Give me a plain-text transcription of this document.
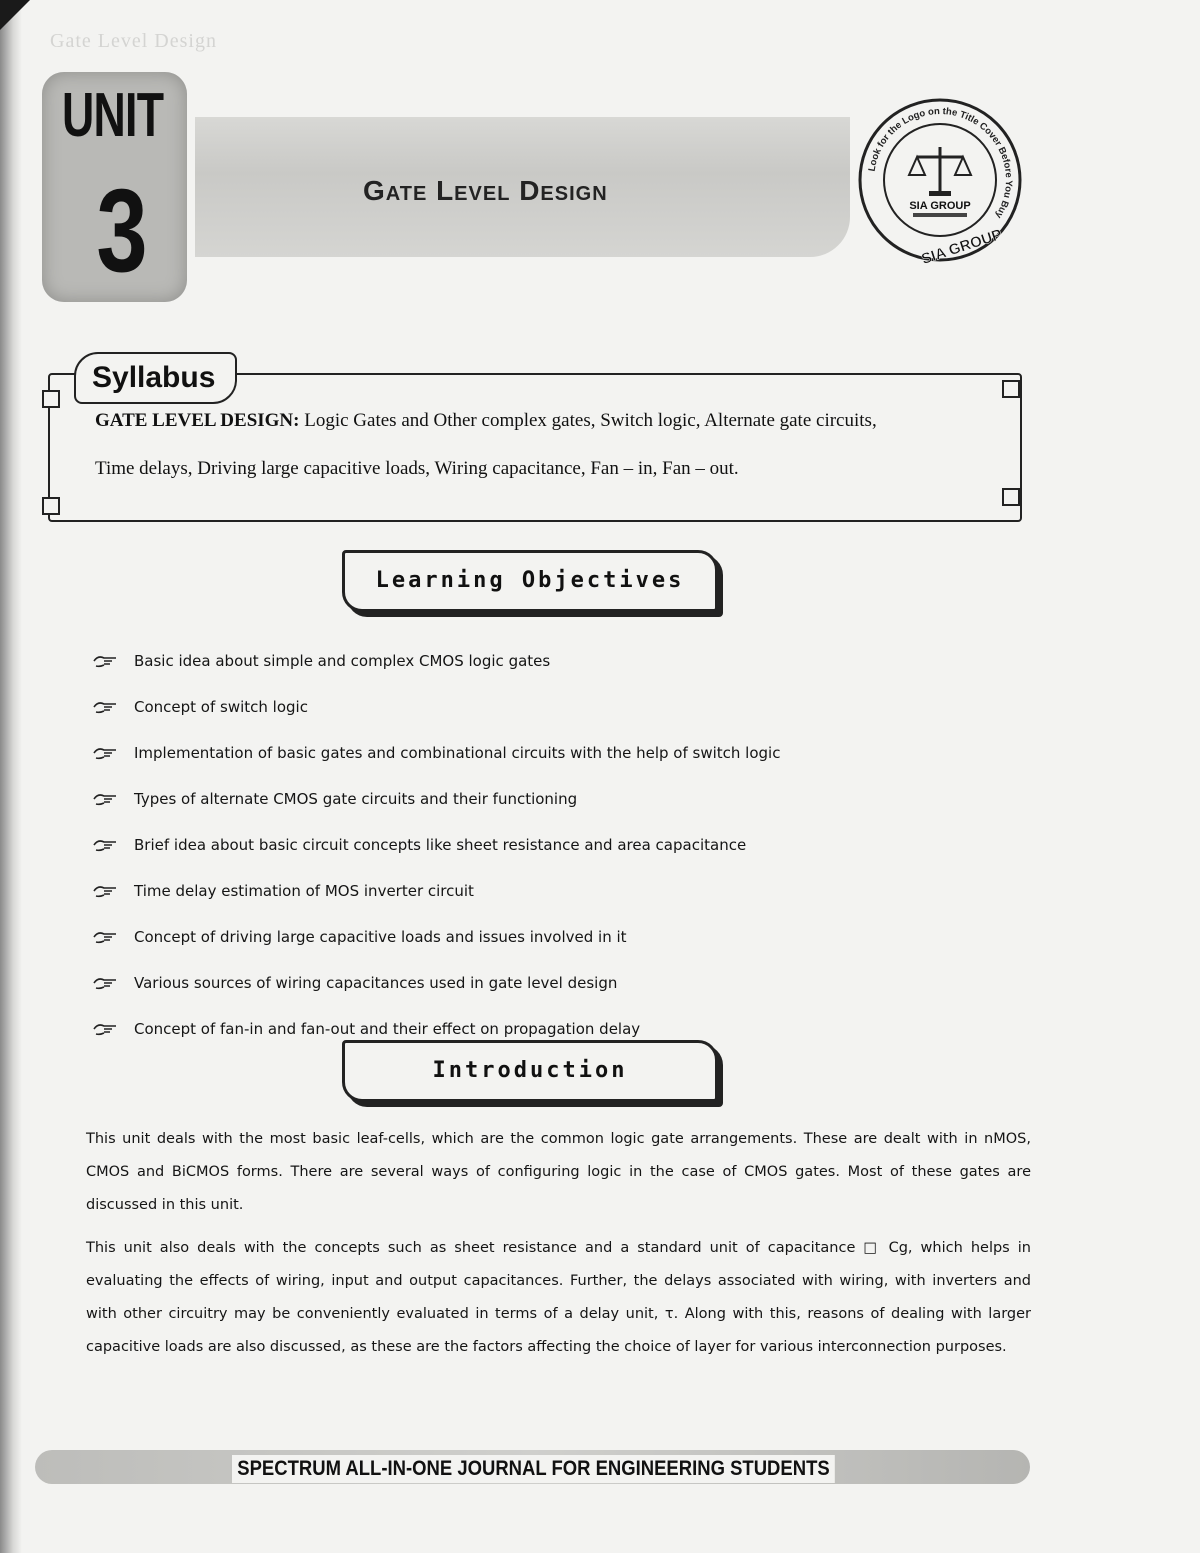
Gate Level Design
UNIT
3	Gate Level Design
Look for the Logo on the Title Cover Before You Buy
SIA GROUP
SIA GROUP
Syllabus
GATE LEVEL DESIGN: Logic Gates and Other complex gates, Switch logic, Alternate gate circuits,
Time delays, Driving large capacitive loads, Wiring capacitance, Fan – in, Fan – out.
Learning Objectives
Basic idea about simple and complex CMOS logic gates
Concept of switch logic
Implementation of basic gates and combinational circuits with the help of switch logic
Types of alternate CMOS gate circuits and their functioning
Brief idea about basic circuit concepts like sheet resistance and area capacitance
Time delay estimation of MOS inverter circuit
Concept of driving large capacitive loads and issues involved in it
Various sources of wiring capacitances used in gate level design
Concept of fan-in and fan-out and their effect on propagation delay
Introduction

This unit deals with the most basic leaf-cells, which are the common logic gate arrangements. These are dealt with in nMOS, CMOS and BiCMOS forms. There are several ways of configuring logic in the case of CMOS gates. Most of these gates are discussed in this unit.

This unit also deals with the concepts such as sheet resistance and a standard unit of capacitance □ Cg, which helps in evaluating the effects of wiring, input and output capacitances. Further, the delays associated with wiring, with inverters and with other circuitry may be conveniently evaluated in terms of a delay unit, τ. Along with this, reasons of dealing with larger capacitive loads are also discussed, as these are the factors affecting the choice of layer for various interconnection purposes.

SPECTRUM ALL-IN-ONE JOURNAL FOR ENGINEERING STUDENTS
